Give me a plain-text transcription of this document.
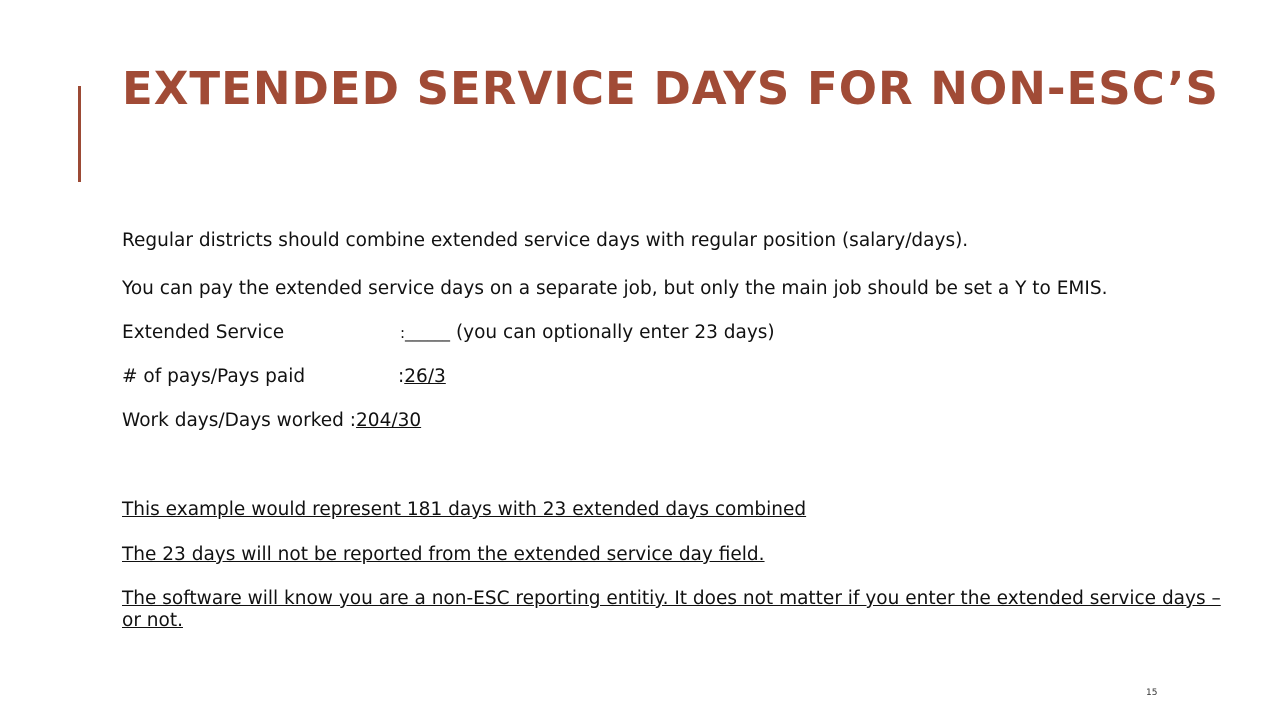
EXTENDED SERVICE DAYS FOR NON-ESC’S
Regular districts should combine extended service days with regular position (salary/days).
You can pay the extended service days on a separate job, but only the main job should be set a Y to EMIS.
Extended Service	:______ (you can optionally enter 23 days)
# of pays/Pays paid	:26/3
Work days/Days worked :204/30
This example would represent 181 days with 23 extended days combined
The 23 days will not be reported from the extended service day field.
The software will know you are a non-ESC reporting entitiy. It does not matter if you enter the extended service days – or not.
15
